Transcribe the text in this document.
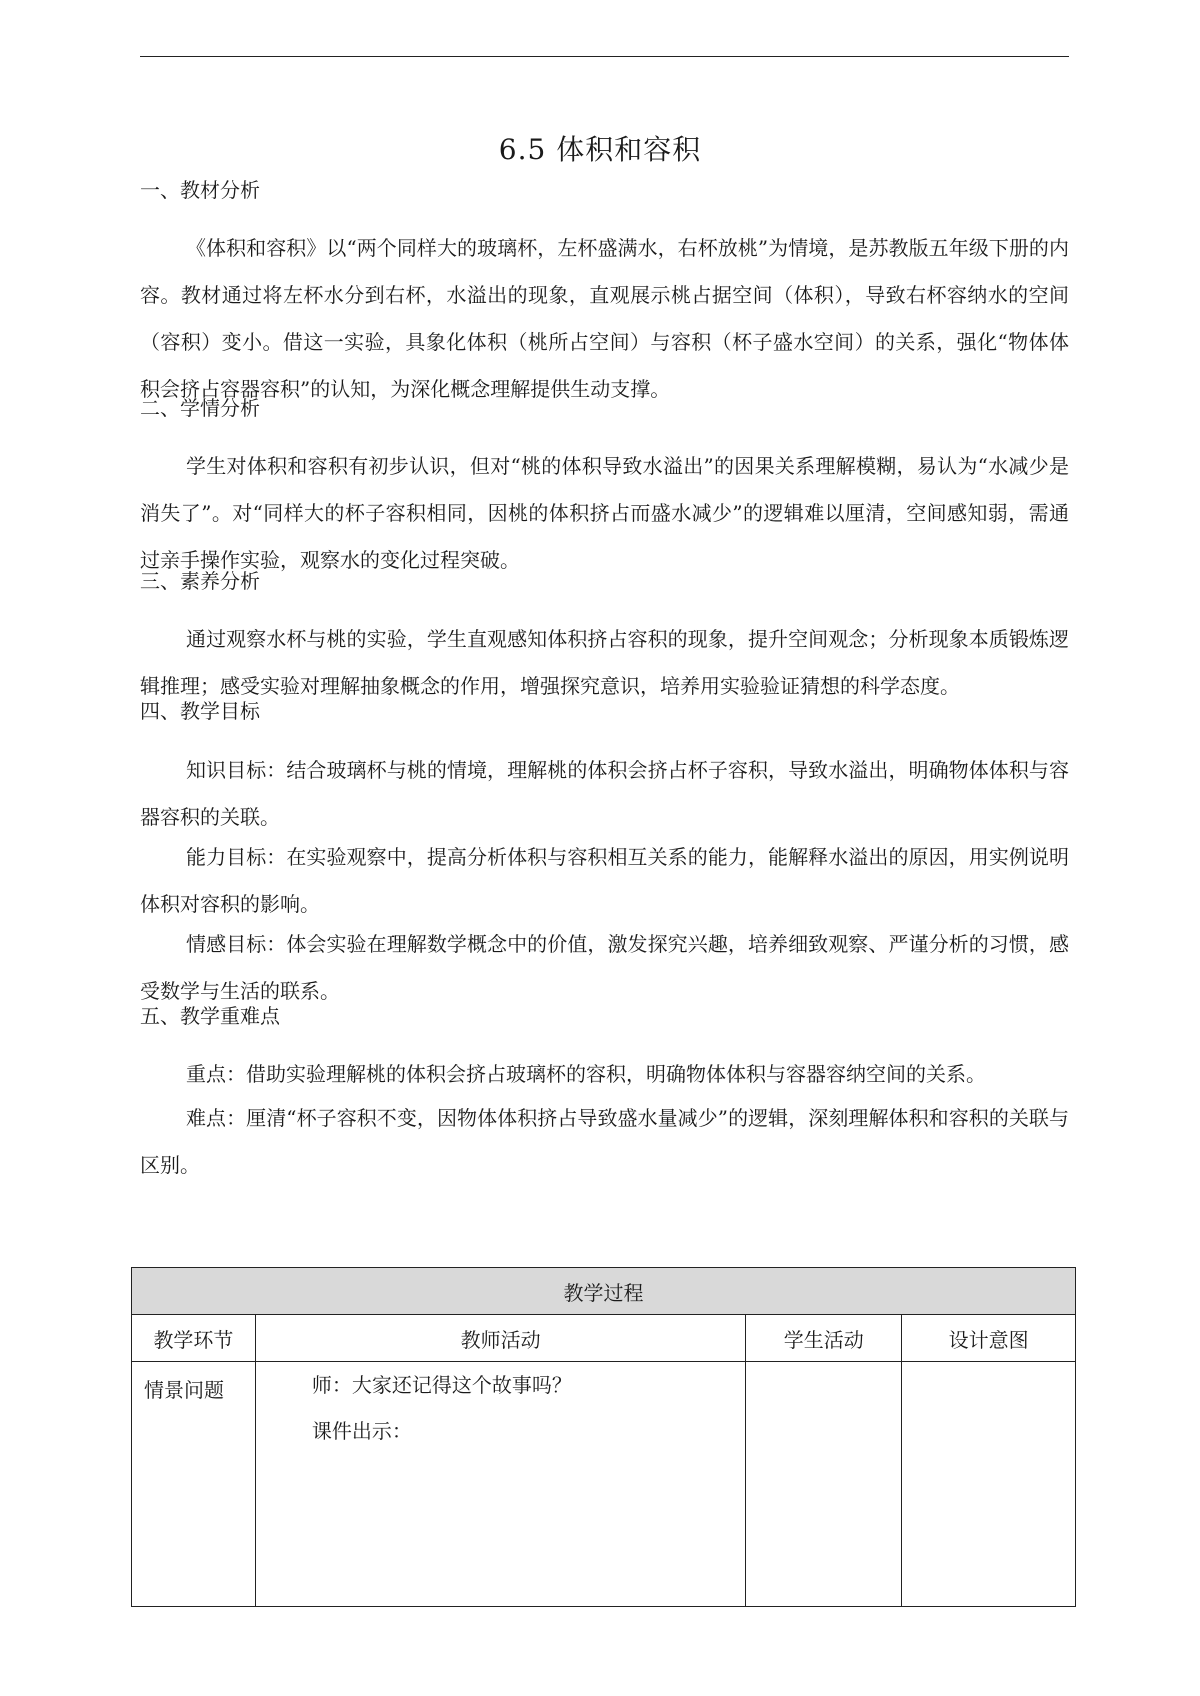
6.5 体积和容积
一、教材分析
《体积和容积》以“两个同样大的玻璃杯，左杯盛满水，右杯放桃”为情境，是苏教版五年级下册的内容。教材通过将左杯水分到右杯，水溢出的现象，直观展示桃占据空间（体积），导致右杯容纳水的空间（容积）变小。借这一实验，具象化体积（桃所占空间）与容积（杯子盛水空间）的关系，强化“物体体积会挤占容器容积”的认知，为深化概念理解提供生动支撑。
二、学情分析
学生对体积和容积有初步认识，但对“桃的体积导致水溢出”的因果关系理解模糊，易认为“水减少是消失了”。对“同样大的杯子容积相同，因桃的体积挤占而盛水减少”的逻辑难以厘清，空间感知弱，需通过亲手操作实验，观察水的变化过程突破。
三、素养分析
通过观察水杯与桃的实验，学生直观感知体积挤占容积的现象，提升空间观念；分析现象本质锻炼逻辑推理；感受实验对理解抽象概念的作用，增强探究意识，培养用实验验证猜想的科学态度。
四、教学目标
知识目标：结合玻璃杯与桃的情境，理解桃的体积会挤占杯子容积，导致水溢出，明确物体体积与容器容积的关联。
能力目标：在实验观察中，提高分析体积与容积相互关系的能力，能解释水溢出的原因，用实例说明体积对容积的影响。
情感目标：体会实验在理解数学概念中的价值，激发探究兴趣，培养细致观察、严谨分析的习惯，感受数学与生活的联系。
五、教学重难点
重点：借助实验理解桃的体积会挤占玻璃杯的容积，明确物体体积与容器容纳空间的关系。
难点：厘清“杯子容积不变，因物体体积挤占导致盛水量减少”的逻辑，深刻理解体积和容积的关联与区别。
教学过程			
教学环节	教师活动	学生活动	设计意图
情景问题	师：大家还记得这个故事吗？
课件出示：		
